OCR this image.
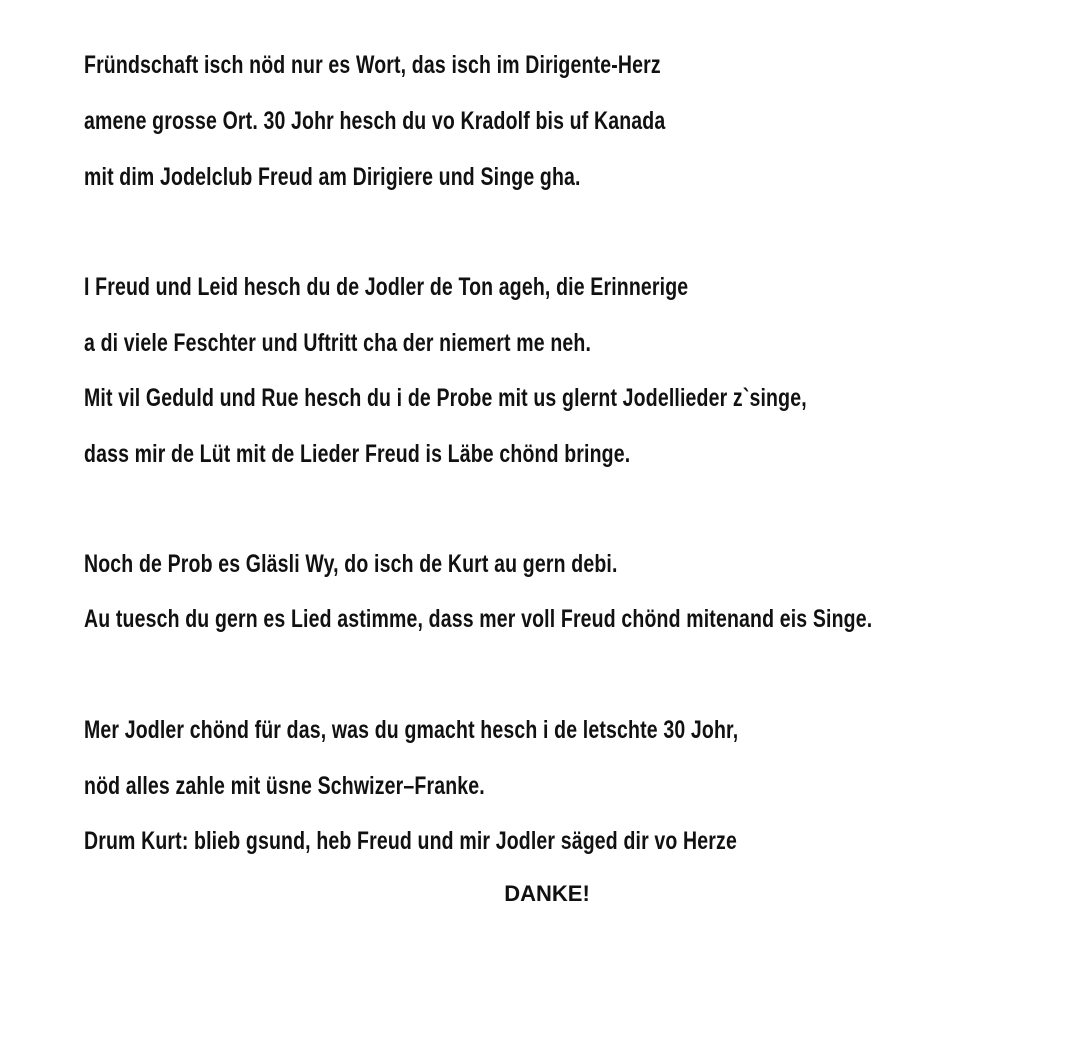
Fründschaft isch nöd nur es Wort, das isch im Dirigente-Herz
amene grosse Ort. 30 Johr hesch du vo Kradolf bis uf Kanada
mit dim Jodelclub Freud am Dirigiere und Singe gha.
I Freud und Leid hesch du de Jodler de Ton ageh, die Erinnerige
a di viele Feschter und Uftritt cha der niemert me neh.
Mit vil Geduld und Rue hesch du i de Probe mit us glernt Jodellieder z`singe,
dass mir de Lüt mit de Lieder Freud is Läbe chönd bringe.
Noch de Prob es Gläsli Wy, do isch de Kurt au gern debi.
Au tuesch du gern es Lied astimme, dass mer voll Freud chönd mitenand eis Singe.
Mer Jodler chönd für das, was du gmacht hesch i de letschte 30 Johr,
nöd alles zahle mit üsne Schwizer–Franke.
Drum Kurt: blieb gsund, heb Freud und mir Jodler säged dir vo Herze
DANKE!
